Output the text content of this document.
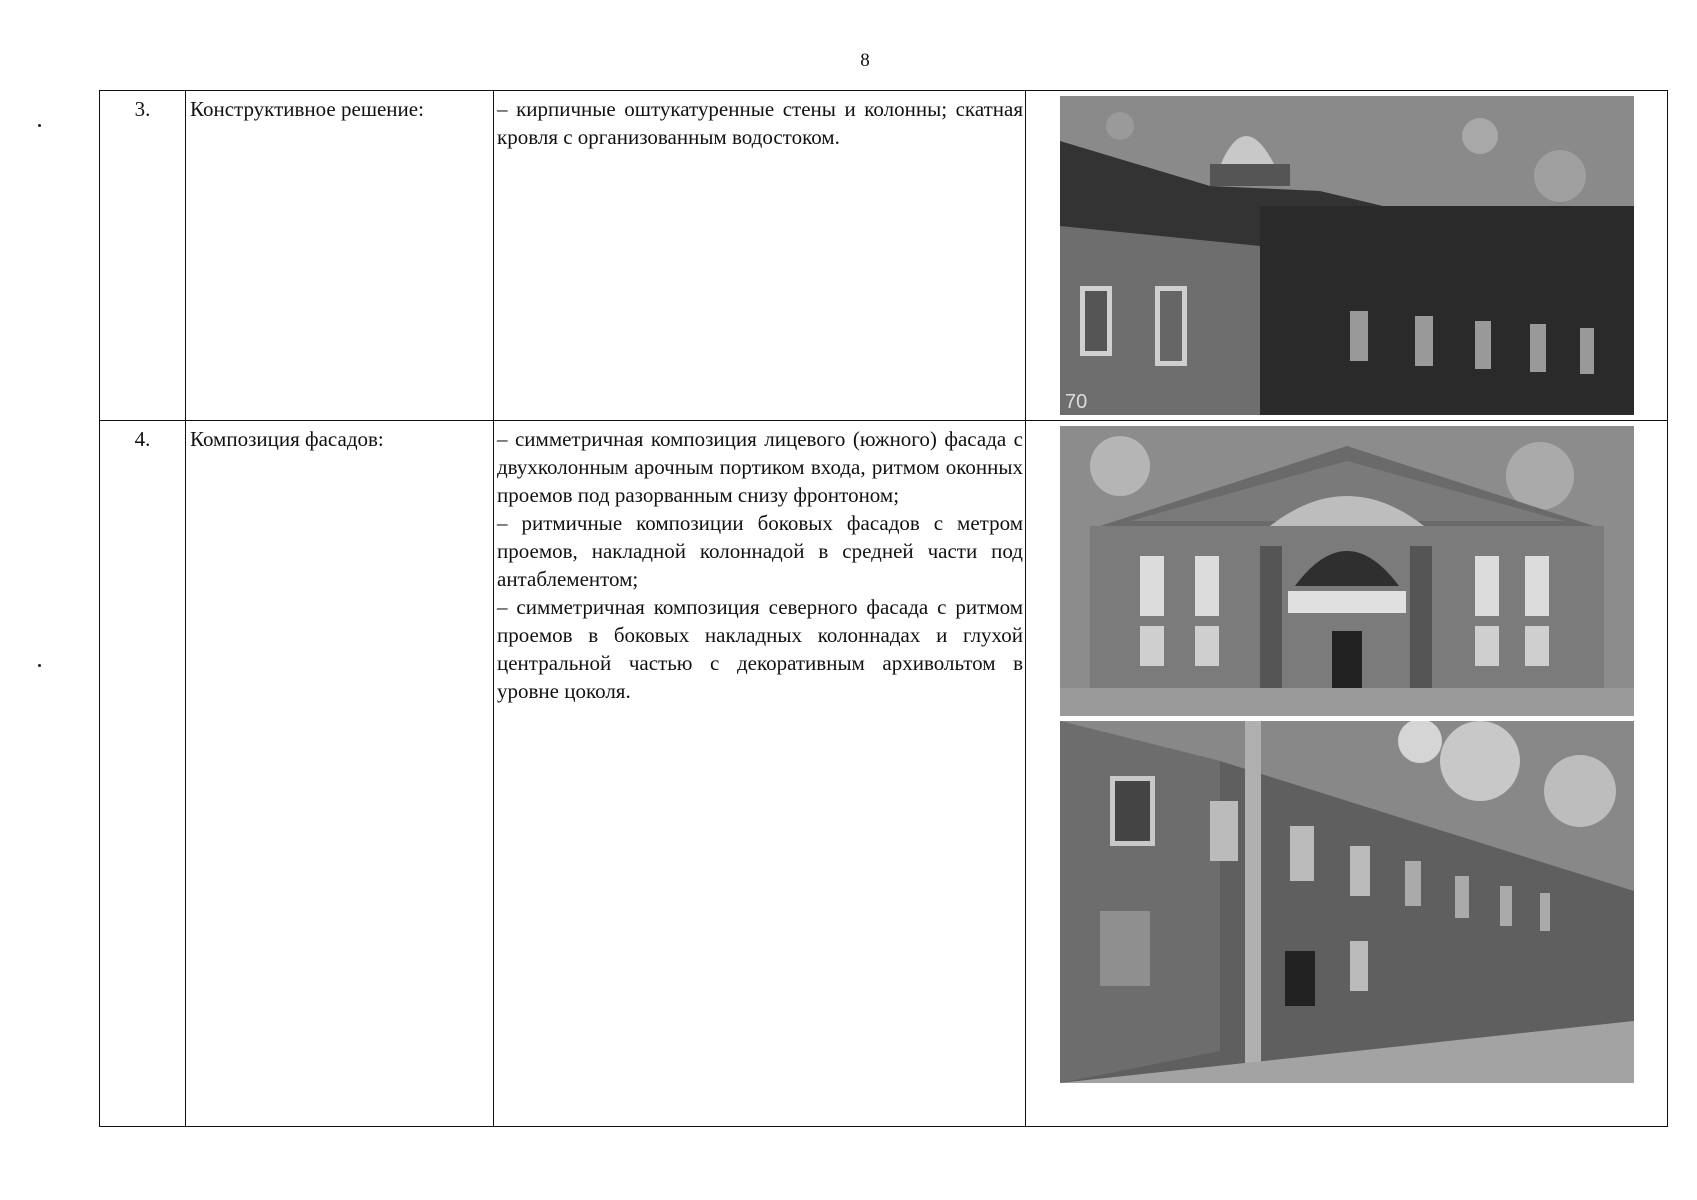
8
3.	Конструктивное решение:	– кирпичные оштукатуренные стены и колонны; скатная кровля с организованным водостоком.	70

4.	Композиция фасадов:	– симметричная композиция лицевого (южного) фасада с двухколонным арочным портиком входа, ритмом оконных проемов под разорванным снизу фронтоном;

– ритмичные композиции боковых фасадов с метром проемов, накладной колоннадой в средней части под антаблементом;

– симметричная композиция северного фасада с ритмом проемов в боковых накладных колоннадах и глухой центральной частью с декоративным архивольтом в уровне цоколя.
